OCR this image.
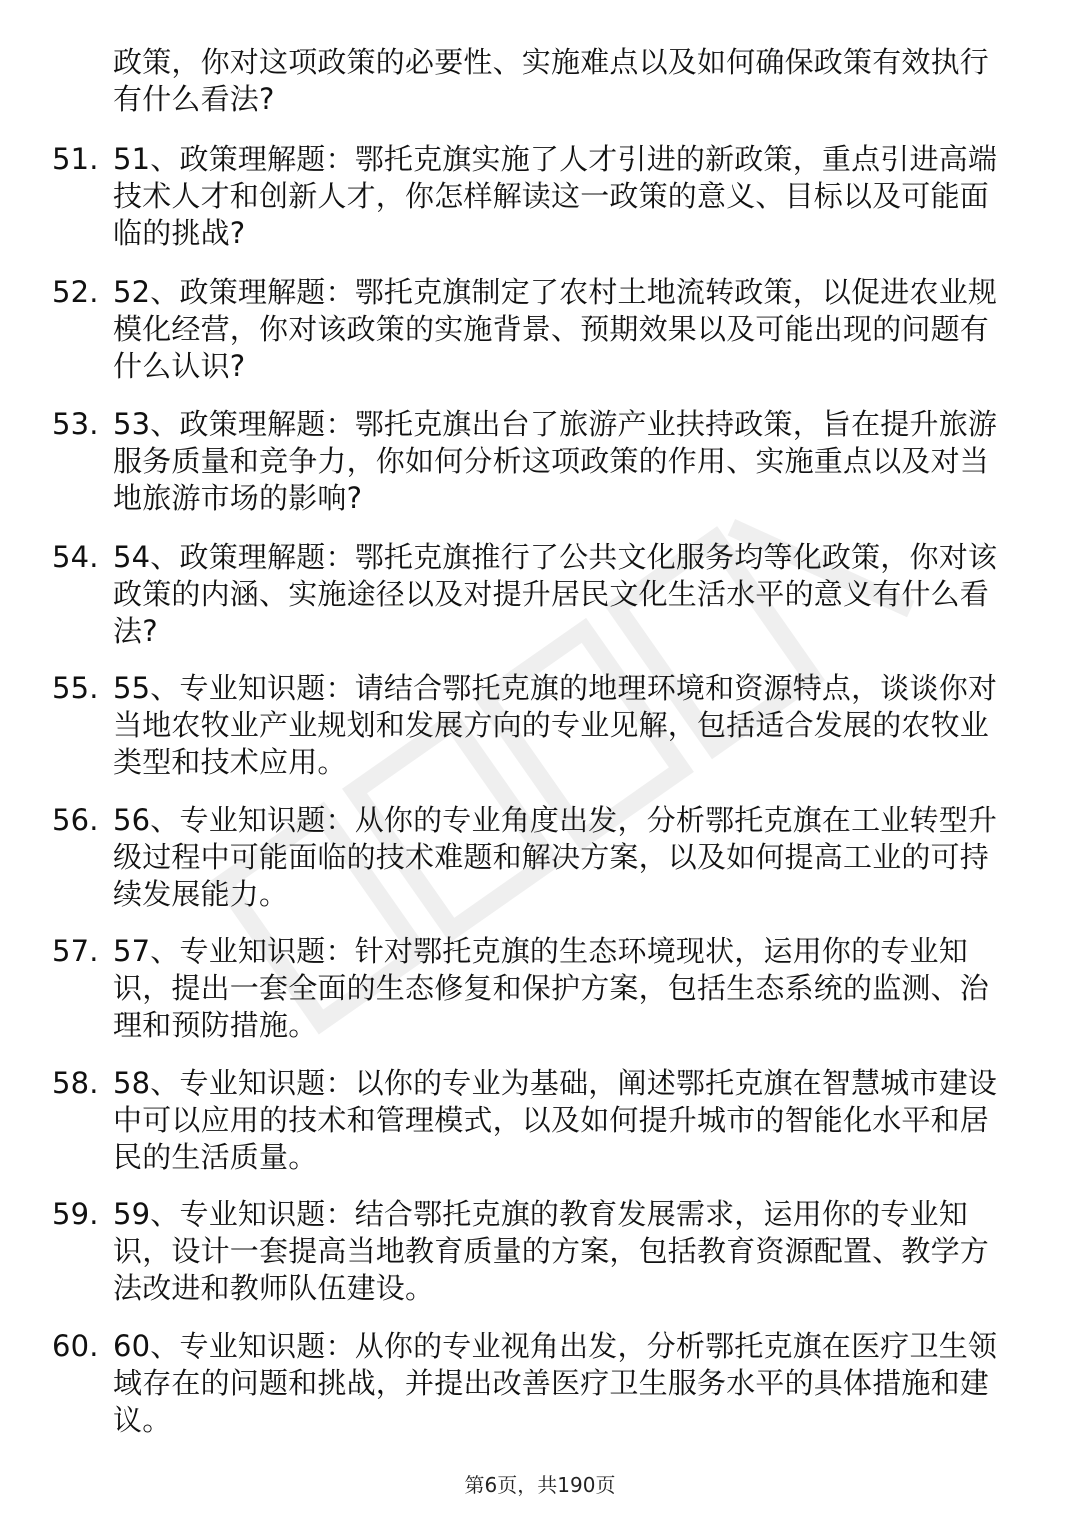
政策，你对这项政策的必要性、实施难点以及如何确保政策有效执行有什么看法?
51. 51、政策理解题：鄂托克旗实施了人才引进的新政策，重点引进高端技术人才和创新人才，你怎样解读这一政策的意义、目标以及可能面临的挑战?
52. 52、政策理解题：鄂托克旗制定了农村土地流转政策，以促进农业规模化经营，你对该政策的实施背景、预期效果以及可能出现的问题有什么认识?
53. 53、政策理解题：鄂托克旗出台了旅游产业扶持政策，旨在提升旅游服务质量和竞争力，你如何分析这项政策的作用、实施重点以及对当地旅游市场的影响?
54. 54、政策理解题：鄂托克旗推行了公共文化服务均等化政策，你对该政策的内涵、实施途径以及对提升居民文化生活水平的意义有什么看法?
55. 55、专业知识题：请结合鄂托克旗的地理环境和资源特点，谈谈你对当地农牧业产业规划和发展方向的专业见解，包括适合发展的农牧业类型和技术应用。
56. 56、专业知识题：从你的专业角度出发，分析鄂托克旗在工业转型升级过程中可能面临的技术难题和解决方案，以及如何提高工业的可持续发展能力。
57. 57、专业知识题：针对鄂托克旗的生态环境现状，运用你的专业知识，提出一套全面的生态修复和保护方案，包括生态系统的监测、治理和预防措施。
58. 58、专业知识题：以你的专业为基础，阐述鄂托克旗在智慧城市建设中可以应用的技术和管理模式，以及如何提升城市的智能化水平和居民的生活质量。
59. 59、专业知识题：结合鄂托克旗的教育发展需求，运用你的专业知识，设计一套提高当地教育质量的方案，包括教育资源配置、教学方法改进和教师队伍建设。
60. 60、专业知识题：从你的专业视角出发，分析鄂托克旗在医疗卫生领域存在的问题和挑战，并提出改善医疗卫生服务水平的具体措施和建议。
第6页，共190页
